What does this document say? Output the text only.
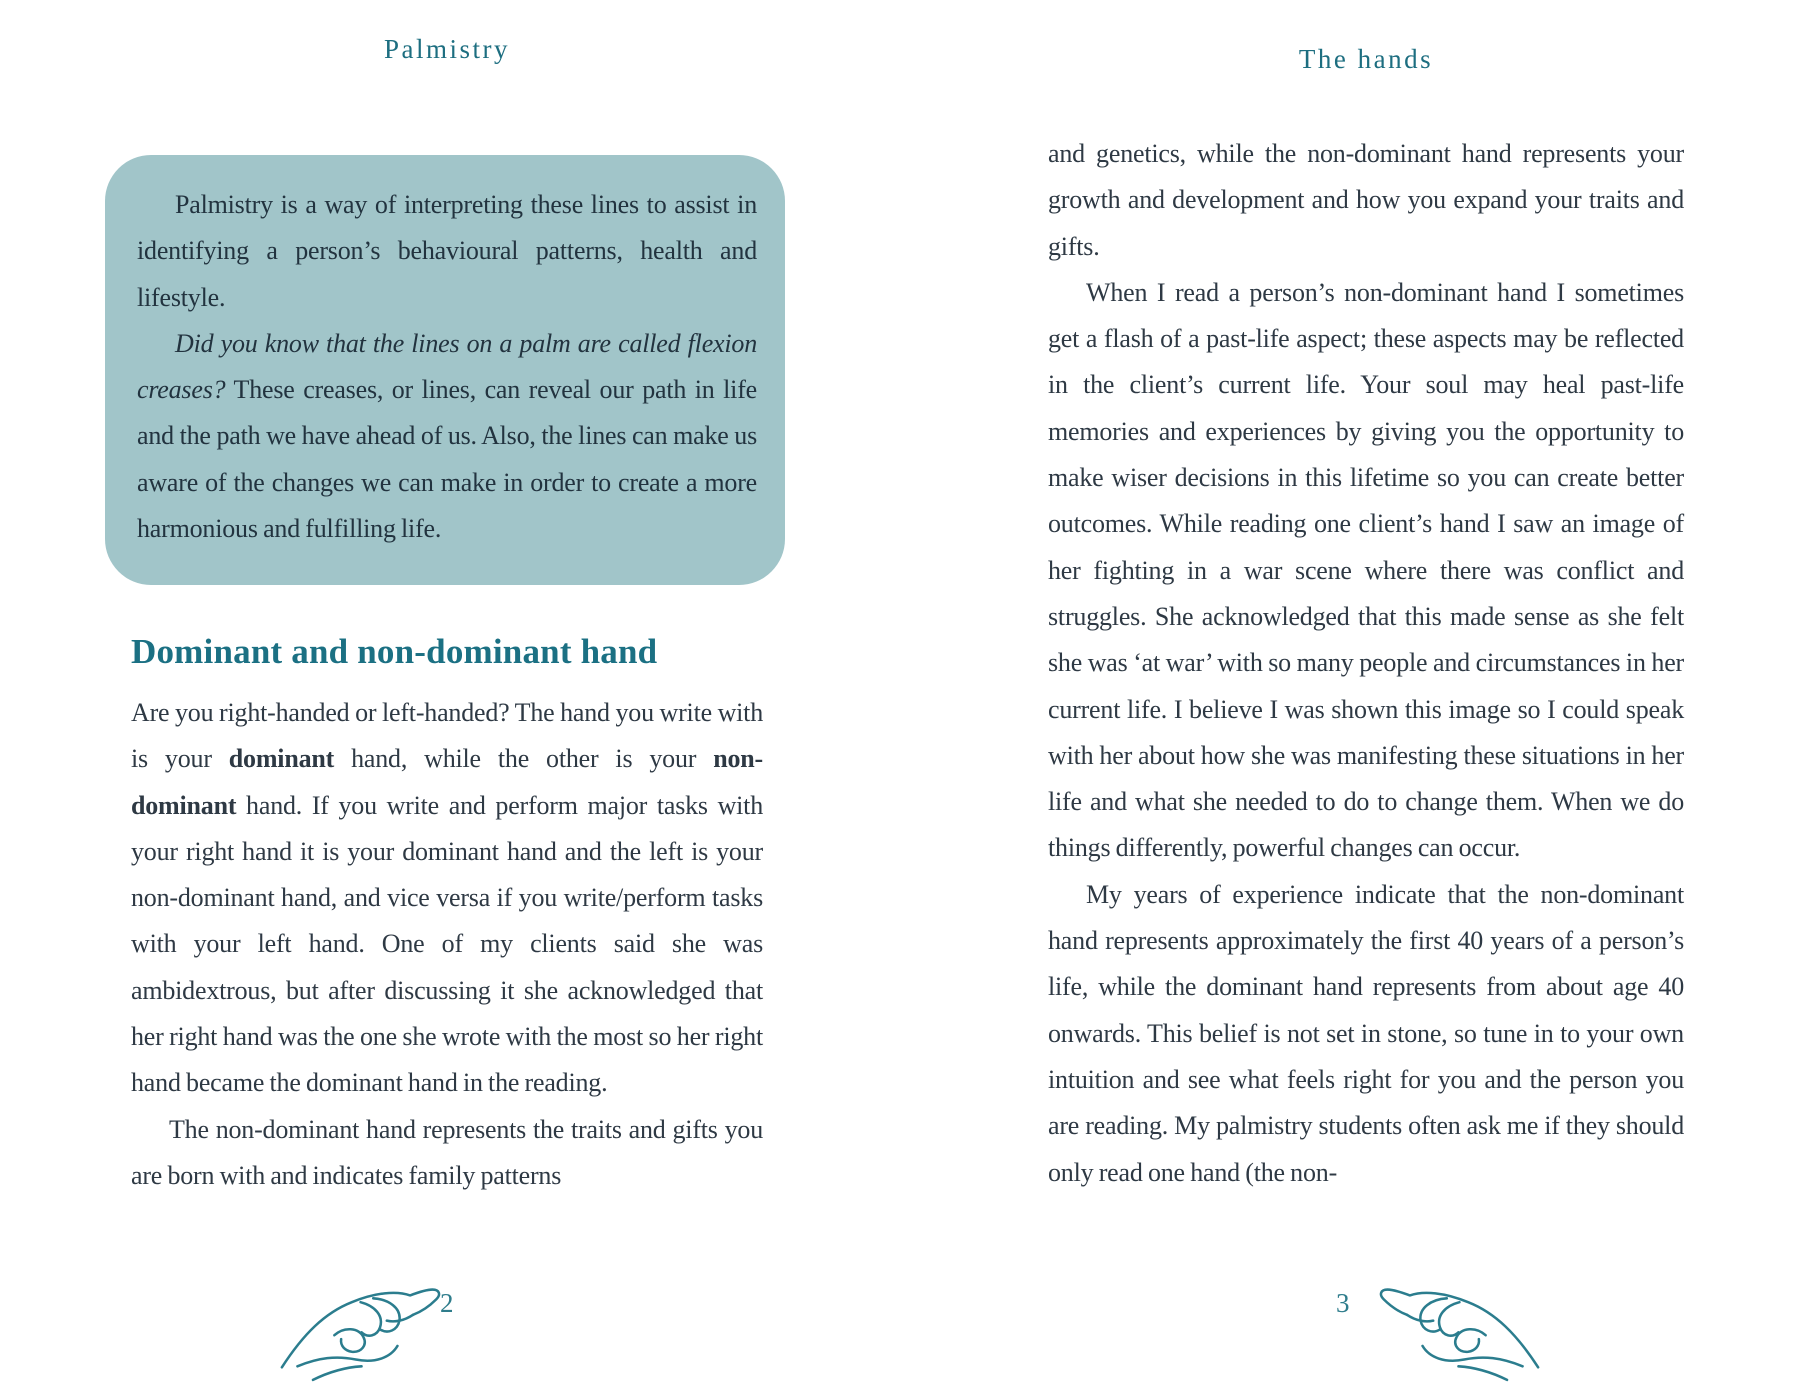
Palmistry

Palmistry is a way of interpreting these lines to assist in identifying a person’s behavioural patterns, health and lifestyle.

Did you know that the lines on a palm are called flexion creases? These creases, or lines, can reveal our path in life and the path we have ahead of us. Also, the lines can make us aware of the changes we can make in order to create a more harmonious and fulfilling life.

Dominant and non-dominant hand

Are you right-handed or left-handed? The hand you write with is your dominant hand, while the other is your non-dominant hand. If you write and perform major tasks with your right hand it is your dominant hand and the left is your non-dominant hand, and vice versa if you write/perform tasks with your left hand. One of my clients said she was ambidextrous, but after discussing it she acknowledged that her right hand was the one she wrote with the most so her right hand became the dominant hand in the reading.

The non-dominant hand represents the traits and gifts you are born with and indicates family patterns

2
The hands

and genetics, while the non-dominant hand represents your growth and development and how you expand your traits and gifts.

When I read a person’s non-dominant hand I sometimes get a flash of a past-life aspect; these aspects may be reflected in the client’s current life. Your soul may heal past-life memories and experiences by giving you the opportunity to make wiser decisions in this lifetime so you can create better outcomes. While reading one client’s hand I saw an image of her fighting in a war scene where there was conflict and struggles. She acknowledged that this made sense as she felt she was ‘at war’ with so many people and circumstances in her current life. I believe I was shown this image so I could speak with her about how she was manifesting these situations in her life and what she needed to do to change them. When we do things differently, powerful changes can occur.

My years of experience indicate that the non-dominant hand represents approximately the first 40 years of a person’s life, while the dominant hand represents from about age 40 onwards. This belief is not set in stone, so tune in to your own intuition and see what feels right for you and the person you are reading. My palmistry students often ask me if they should only read one hand (the non-

3
